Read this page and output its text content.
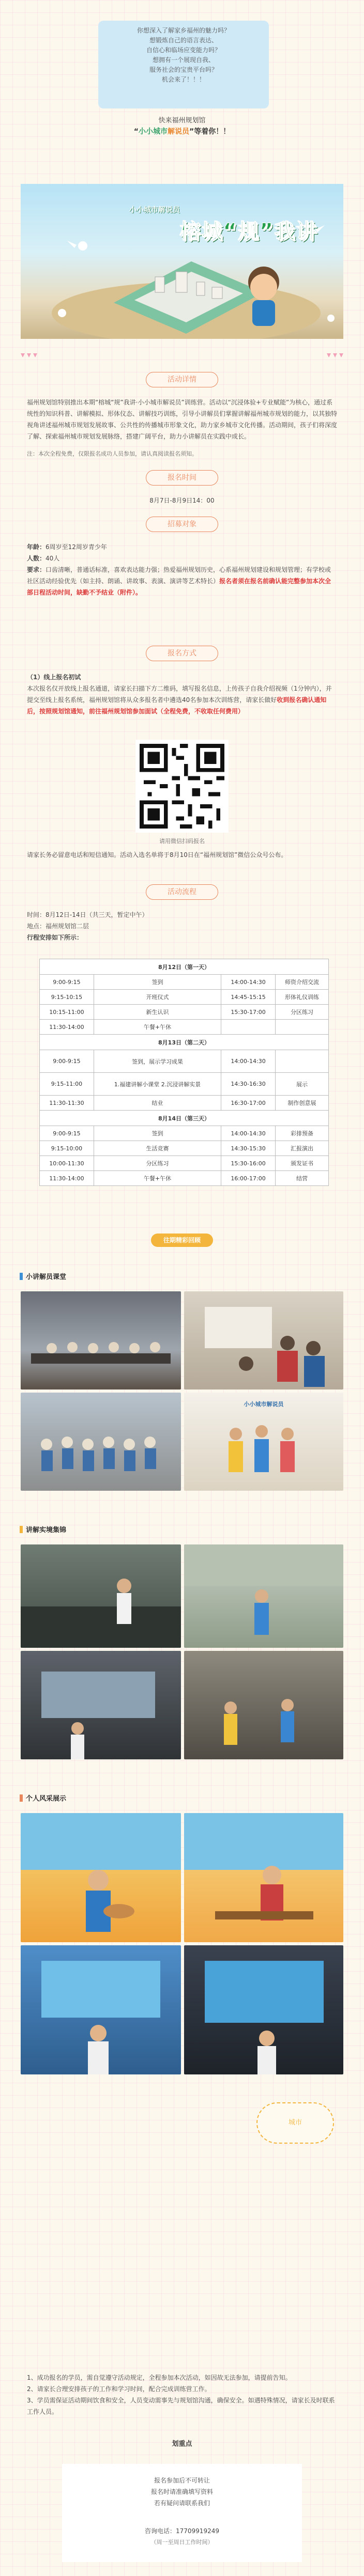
你想深入了解家乡福州的魅力吗？
想锻炼自己的语言表达、
自信心和临场应变能力吗？
想拥有一个展现自我、
服务社会的宝贵平台吗？
机会来了！！！
快来福州规划馆
“小小城市解说员”等着你！！
小小城市解说员
榕城“规”我讲
活动详情
福州规划馆特别推出本期“榕城“规”我讲·小小城市解说员”训练营。活动以“沉浸体验+专业赋能”为核心，通过系统性的知识科普、讲解模拟、形体仪态、讲解技巧训练，引导小讲解员们掌握讲解福州城市规划的能力，以其独特视角讲述福州城市规划发展故事、公共性的传播城市形象文化，助力家乡城市文化传播。活动期间，孩子们将深度了解、探索福州城市规划发展脉络，搭建广阔平台，助力小讲解员在实践中成长。
注：本次全程免费，仅限报名成功人员参加，请认真阅读报名须知。
报名时间
8月7日-8月9日14：00
招募对象
年龄：6周岁至12周岁青少年
人数：40人
要求：口齿清晰，普通话标准，喜欢表达能力强；热爱福州规划历史，心系福州规划建设和规划管理；有学校或社区活动经验优先（如主持、朗诵、讲故事、表演、演讲等艺术特长）报名者须在报名前确认能完整参加本次全部日程活动时间，缺勤不予结业（附件）。
报名方式
（1）线上报名初试
本次报名仅开放线上报名通道，请家长扫描下方二维码，填写报名信息，上传孩子自我介绍视频（1分钟内），并提交至线上报名系统，福州规划馆将从众多报名者中遴选40名参加本次训练营，请家长做好收到报名确认通知后，按照规划馆通知，前往福州规划馆参加面试（全程免费，不收取任何费用）
请用微信扫码报名
请家长务必留意电话和短信通知。活动入选名单将于8月10日在“福州规划馆”微信公众号公布。
活动流程
时间：8月12日-14日（共三天，暂定中午）
地点：福州规划馆二层
行程安排如下所示：
8月12日（第一天）			
9:00-9:15	签到	14:00-14:30	师资介绍交流
9:15-10:15	开班仪式	14:45-15:15	形体礼仪训练
10:15-11:00	新生认识	15:30-17:00	分区练习
11:30-14:00	午餐+午休		
8月13日（第二天）			
9:00-9:15	签到，展示学习成果	14:00-14:30	
9:15-11:00	1.福建讲解小课堂 2.沉浸讲解实景	14:30-16:30	展示
11:30-11:30	结业	16:30-17:00	制作创意展
8月14日（第三天）			
9:00-9:15	签到	14:00-14:30	彩排预备
9:15-10:00	生活竞赛	14:30-15:30	汇报演出
10:00-11:30	分区练习	15:30-16:00	颁发证书
11:30-14:00	午餐+午休	16:00-17:00	结营
往期精彩回顾
小讲解员课堂
小小城市解说员
讲解实境集锦
个人风采展示
城市
1、成功报名的学员，需自觉遵守活动规定，全程参加本次活动，如因故无法参加，请提前告知。
2、请家长合理安排孩子的工作和学习时间，配合完成训练营工作。
3、学员需保证活动期间饮食和安全，人员变动需事先与规划馆沟通，确保安全。如遇特殊情况，请家长及时联系工作人员。
划重点
报名参加后不可转让
报名时请准确填写资料
若有疑问请联系我们
咨询电话：17709919249
（周一至周日工作时间）
